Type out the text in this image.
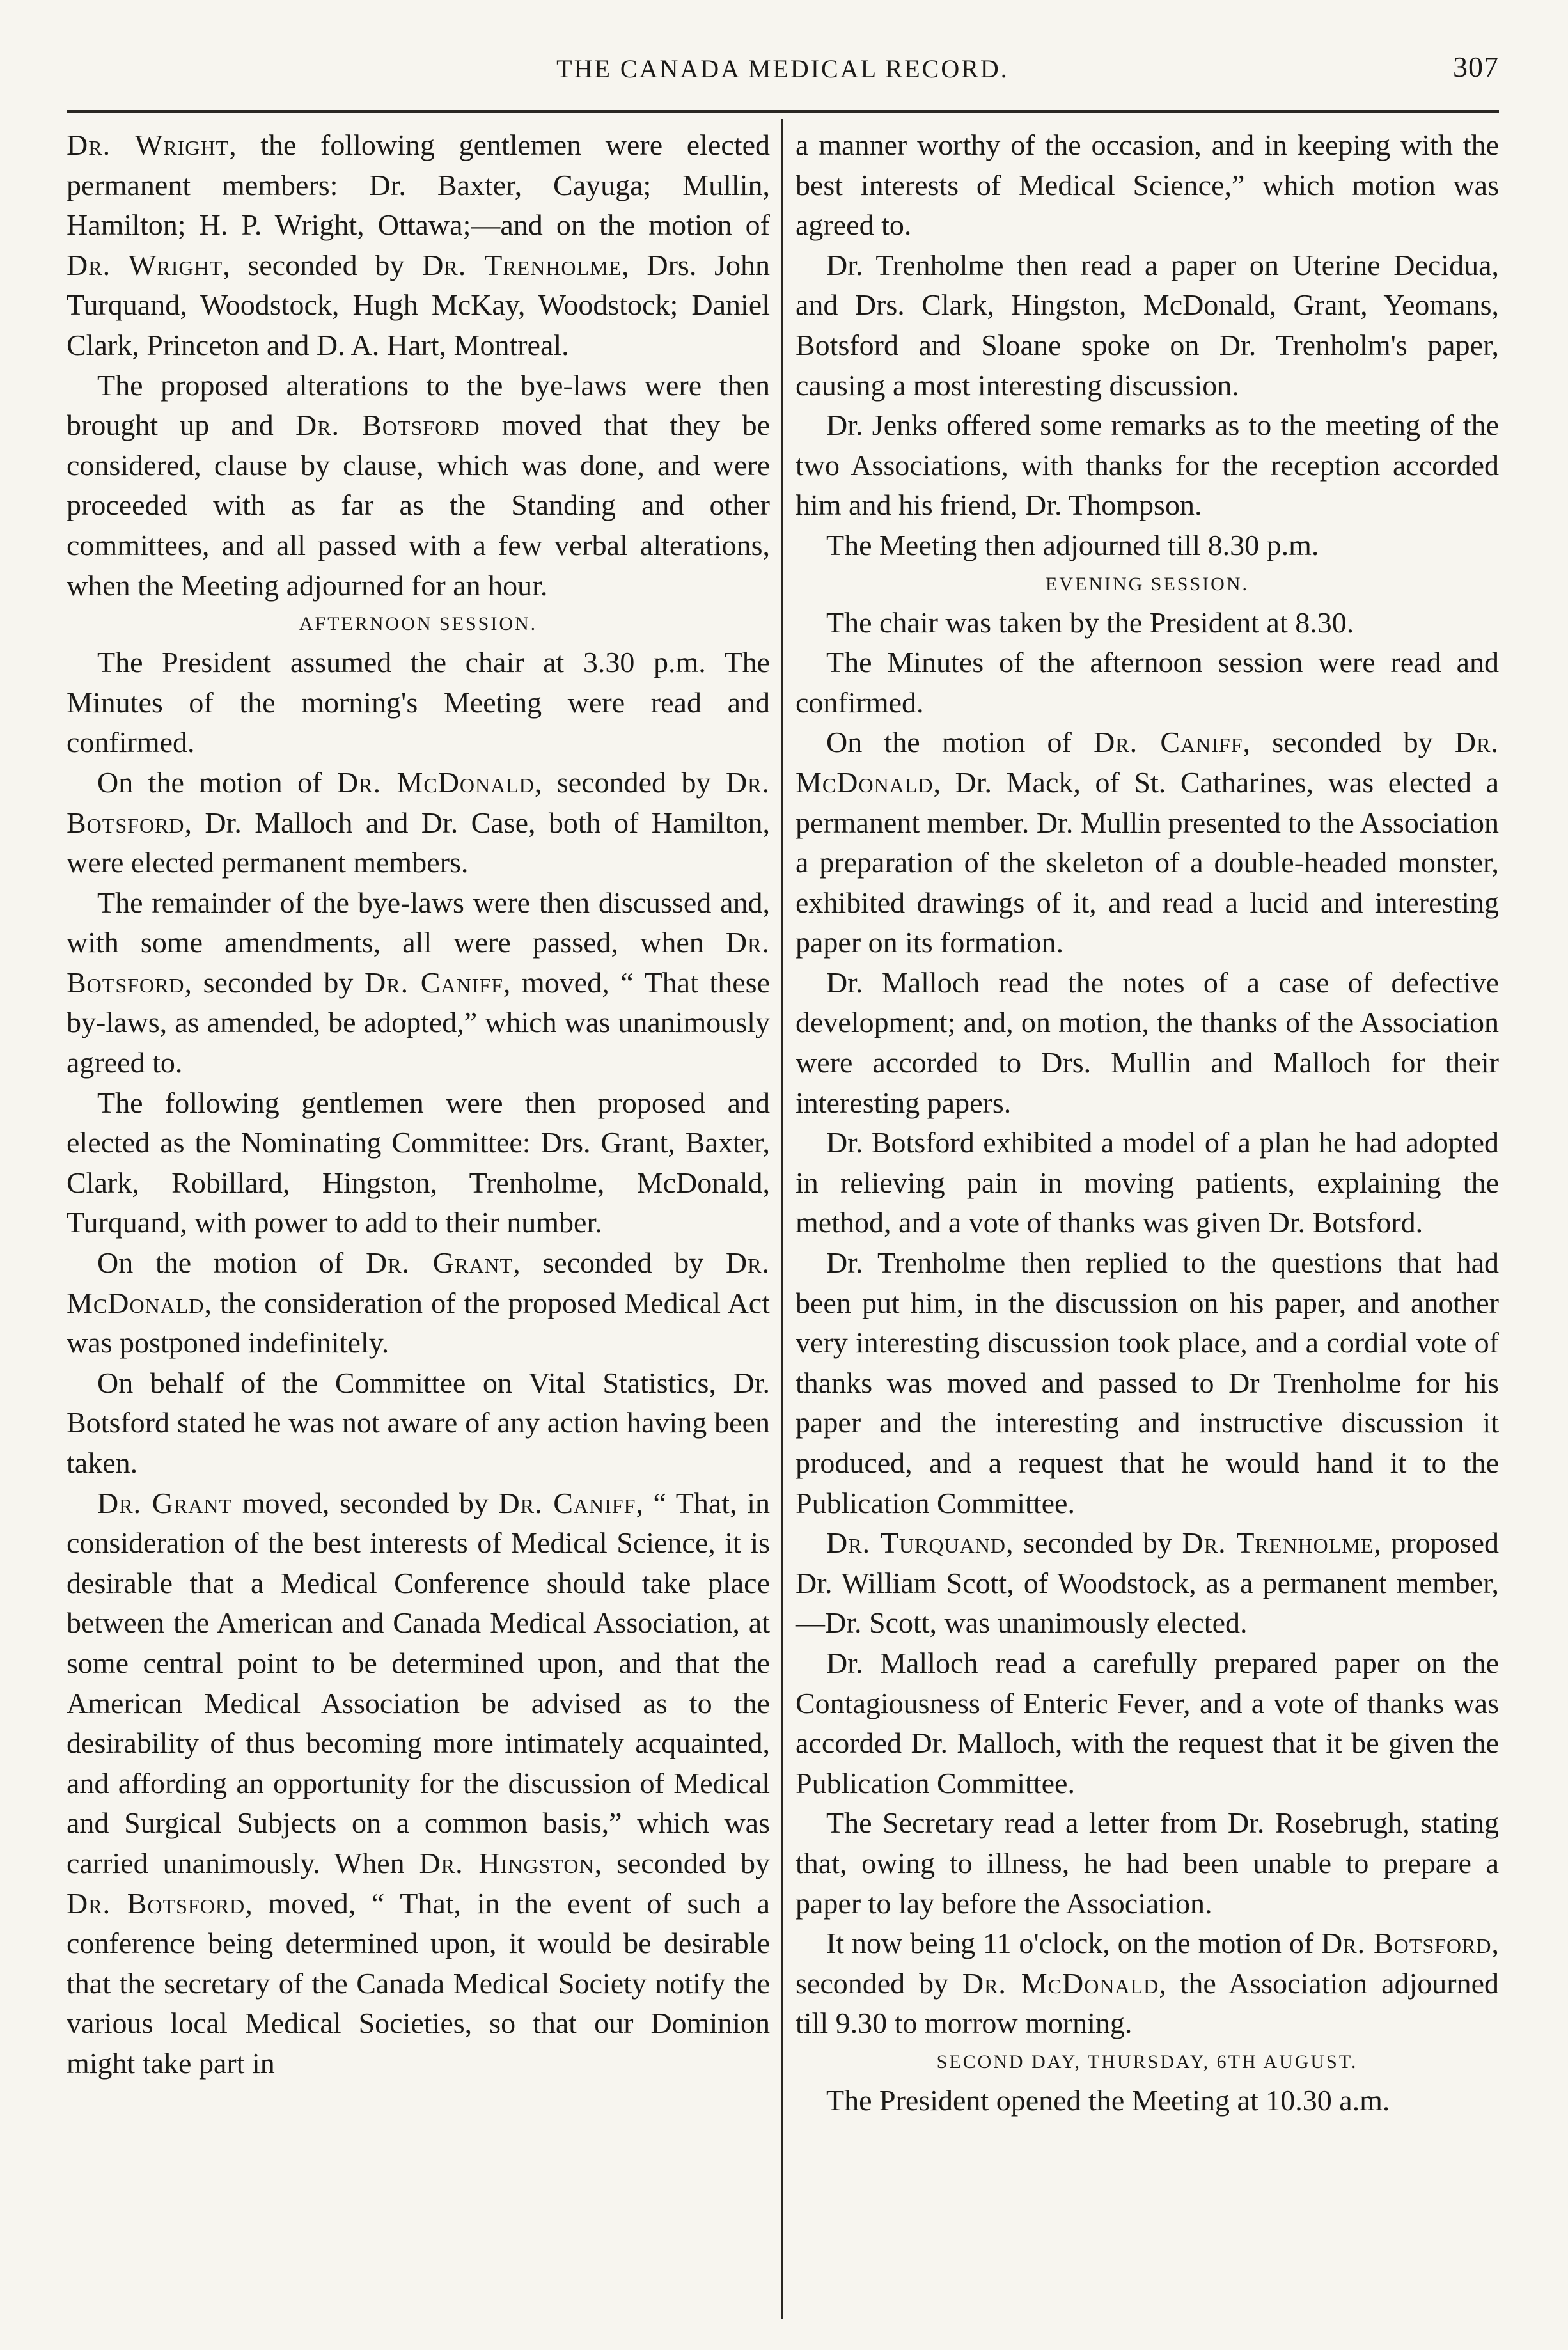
THE CANADA MEDICAL RECORD.	307

Dr. Wright, the following gentlemen were elected permanent members: Dr. Baxter, Cayuga; Mullin, Hamilton; H. P. Wright, Ottawa;—and on the motion of Dr. Wright, seconded by Dr. Trenholme, Drs. John Turquand, Woodstock, Hugh McKay, Woodstock; Daniel Clark, Princeton and D. A. Hart, Montreal.

The proposed alterations to the bye-laws were then brought up and Dr. Botsford moved that they be considered, clause by clause, which was done, and were proceeded with as far as the Standing and other committees, and all passed with a few verbal alterations, when the Meeting adjourned for an hour.

AFTERNOON SESSION.

The President assumed the chair at 3.30 p.m. The Minutes of the morning's Meeting were read and confirmed.

On the motion of Dr. McDonald, seconded by Dr. Botsford, Dr. Malloch and Dr. Case, both of Hamilton, were elected permanent members.

The remainder of the bye-laws were then discussed and, with some amendments, all were passed, when Dr. Botsford, seconded by Dr. Caniff, moved, “ That these by-laws, as amended, be adopted,” which was unanimously agreed to.

The following gentlemen were then proposed and elected as the Nominating Committee: Drs. Grant, Baxter, Clark, Robillard, Hingston, Trenholme, McDonald, Turquand, with power to add to their number.

On the motion of Dr. Grant, seconded by Dr. McDonald, the consideration of the proposed Medical Act was postponed indefinitely.

On behalf of the Committee on Vital Statistics, Dr. Botsford stated he was not aware of any action having been taken.

Dr. Grant moved, seconded by Dr. Caniff, “ That, in consideration of the best interests of Medical Science, it is desirable that a Medical Conference should take place between the American and Canada Medical Association, at some central point to be determined upon, and that the American Medical Association be advised as to the desirability of thus becoming more intimately acquainted, and affording an opportunity for the discussion of Medical and Surgical Subjects on a common basis,” which was carried unanimously. When Dr. Hingston, seconded by Dr. Botsford, moved, “ That, in the event of such a conference being determined upon, it would be desirable that the secretary of the Canada Medical Society notify the various local Medical Societies, so that our Dominion might take part in

a manner worthy of the occasion, and in keeping with the best interests of Medical Science,” which motion was agreed to.

Dr. Trenholme then read a paper on Uterine Decidua, and Drs. Clark, Hingston, McDonald, Grant, Yeomans, Botsford and Sloane spoke on Dr. Trenholm's paper, causing a most interesting discussion.

Dr. Jenks offered some remarks as to the meeting of the two Associations, with thanks for the reception accorded him and his friend, Dr. Thompson.

The Meeting then adjourned till 8.30 p.m.

EVENING SESSION.

The chair was taken by the President at 8.30.

The Minutes of the afternoon session were read and confirmed.

On the motion of Dr. Caniff, seconded by Dr. McDonald, Dr. Mack, of St. Catharines, was elected a permanent member. Dr. Mullin presented to the Association a preparation of the skeleton of a double-headed monster, exhibited drawings of it, and read a lucid and interesting paper on its formation.

Dr. Malloch read the notes of a case of defective development; and, on motion, the thanks of the Association were accorded to Drs. Mullin and Malloch for their interesting papers.

Dr. Botsford exhibited a model of a plan he had adopted in relieving pain in moving patients, explaining the method, and a vote of thanks was given Dr. Botsford.

Dr. Trenholme then replied to the questions that had been put him, in the discussion on his paper, and another very interesting discussion took place, and a cordial vote of thanks was moved and passed to Dr Trenholme for his paper and the interesting and instructive discussion it produced, and a request that he would hand it to the Publication Committee.

Dr. Turquand, seconded by Dr. Trenholme, proposed Dr. William Scott, of Woodstock, as a permanent member,—Dr. Scott, was unanimously elected.

Dr. Malloch read a carefully prepared paper on the Contagiousness of Enteric Fever, and a vote of thanks was accorded Dr. Malloch, with the request that it be given the Publication Committee.

The Secretary read a letter from Dr. Rosebrugh, stating that, owing to illness, he had been unable to prepare a paper to lay before the Association.

It now being 11 o'clock, on the motion of Dr. Botsford, seconded by Dr. McDonald, the Association adjourned till 9.30 to morrow morning.

SECOND DAY, THURSDAY, 6TH AUGUST.

The President opened the Meeting at 10.30 a.m.
